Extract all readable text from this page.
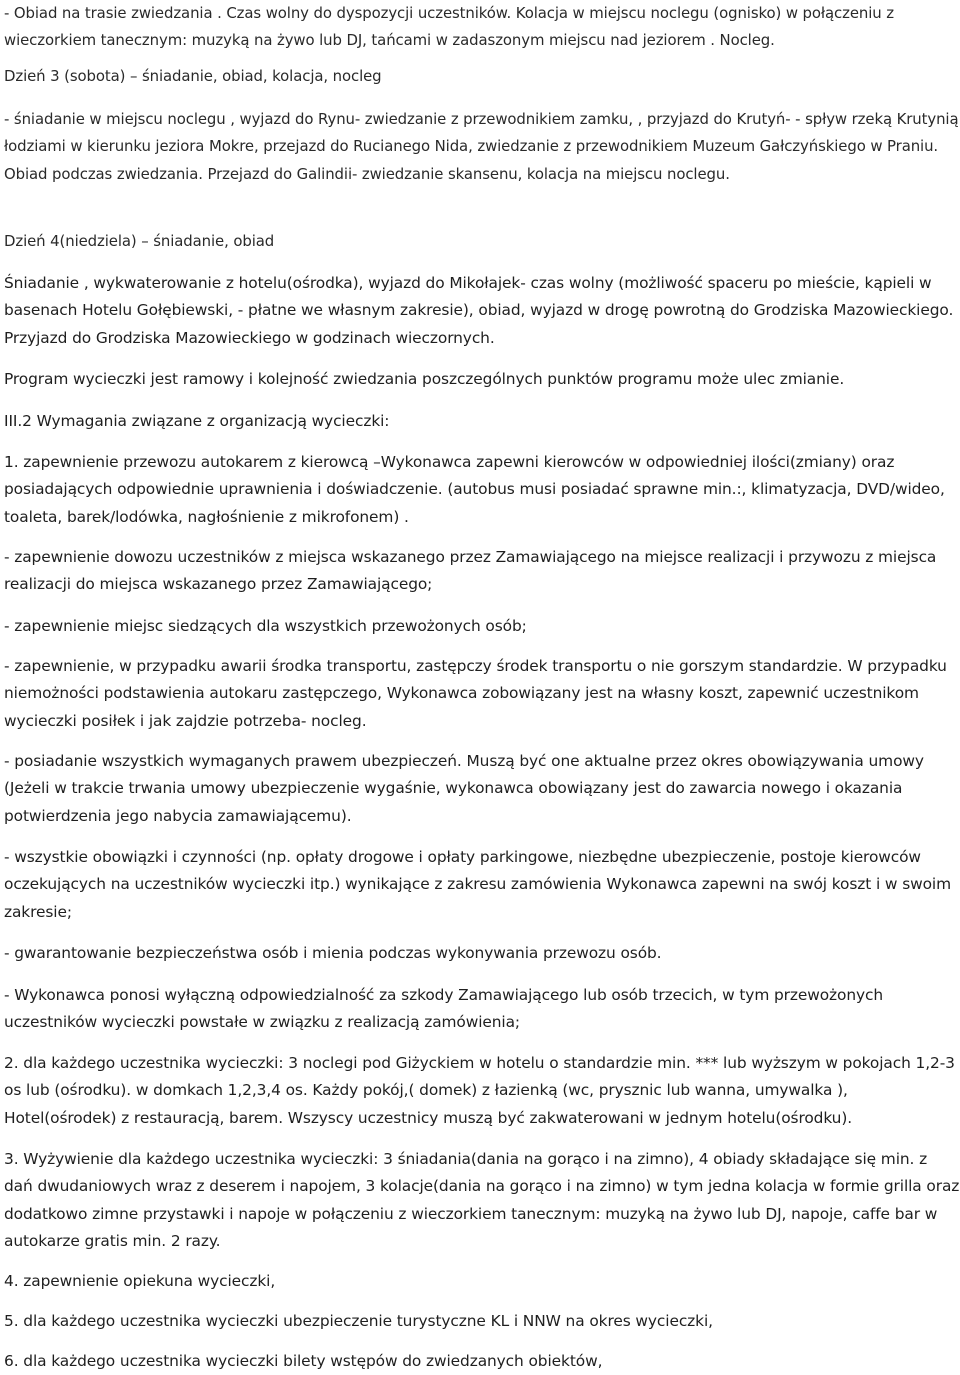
- Obiad na trasie zwiedzania . Czas wolny do dyspozycji uczestników. Kolacja w miejscu noclegu (ognisko) w połączeniu z wieczorkiem tanecznym: muzyką na żywo lub DJ, tańcami w zadaszonym miejscu nad jeziorem . Nocleg.

Dzień 3 (sobota) – śniadanie, obiad, kolacja, nocleg

- śniadanie w miejscu noclegu , wyjazd do Rynu- zwiedzanie z przewodnikiem zamku, , przyjazd do Krutyń- - spływ rzeką Krutynią łodziami w kierunku jeziora Mokre, przejazd do Rucianego Nida, zwiedzanie z przewodnikiem Muzeum Gałczyńskiego w Praniu. Obiad podczas zwiedzania. Przejazd do Galindii- zwiedzanie skansenu, kolacja na miejscu noclegu.

Dzień 4(niedziela) – śniadanie, obiad

Śniadanie , wykwaterowanie z hotelu(ośrodka), wyjazd do Mikołajek- czas wolny (możliwość spaceru po mieście, kąpieli w basenach Hotelu Gołębiewski, - płatne we własnym zakresie), obiad, wyjazd w drogę powrotną do Grodziska Mazowieckiego. Przyjazd do Grodziska Mazowieckiego w godzinach wieczornych.

Program wycieczki jest ramowy i kolejność zwiedzania poszczególnych punktów programu może ulec zmianie.

III.2 Wymagania związane z organizacją wycieczki:

1. zapewnienie przewozu autokarem z kierowcą –Wykonawca zapewni kierowców w odpowiedniej ilości(zmiany) oraz posiadających odpowiednie uprawnienia i doświadczenie. (autobus musi posiadać sprawne min.:, klimatyzacja, DVD/wideo, toaleta, barek/lodówka, nagłośnienie z mikrofonem) .

- zapewnienie dowozu uczestników z miejsca wskazanego przez Zamawiającego na miejsce realizacji i przywozu z miejsca realizacji do miejsca wskazanego przez Zamawiającego;

- zapewnienie miejsc siedzących dla wszystkich przewożonych osób;

- zapewnienie, w przypadku awarii środka transportu, zastępczy środek transportu o nie gorszym standardzie. W przypadku niemożności podstawienia autokaru zastępczego, Wykonawca zobowiązany jest na własny koszt, zapewnić uczestnikom wycieczki posiłek i jak zajdzie potrzeba- nocleg.

- posiadanie wszystkich wymaganych prawem ubezpieczeń. Muszą być one aktualne przez okres obowiązywania umowy (Jeżeli w trakcie trwania umowy ubezpieczenie wygaśnie, wykonawca obowiązany jest do zawarcia nowego i okazania potwierdzenia jego nabycia zamawiającemu).

- wszystkie obowiązki i czynności (np. opłaty drogowe i opłaty parkingowe, niezbędne ubezpieczenie, postoje kierowców oczekujących na uczestników wycieczki itp.) wynikające z zakresu zamówienia Wykonawca zapewni na swój koszt i w swoim zakresie;

- gwarantowanie bezpieczeństwa osób i mienia podczas wykonywania przewozu osób.

- Wykonawca ponosi wyłączną odpowiedzialność za szkody Zamawiającego lub osób trzecich, w tym przewożonych uczestników wycieczki powstałe w związku z realizacją zamówienia;

2. dla każdego uczestnika wycieczki: 3 noclegi pod Giżyckiem w hotelu o standardzie min. *** lub wyższym w pokojach 1,2-3 os lub (ośrodku). w domkach 1,2,3,4 os. Każdy pokój,( domek) z łazienką (wc, prysznic lub wanna, umywalka ), Hotel(ośrodek) z restauracją, barem. Wszyscy uczestnicy muszą być zakwaterowani w jednym hotelu(ośrodku).

3. Wyżywienie dla każdego uczestnika wycieczki: 3 śniadania(dania na gorąco i na zimno), 4 obiady składające się min. z dań dwudaniowych wraz z deserem i napojem, 3 kolacje(dania na gorąco i na zimno) w tym jedna kolacja w formie grilla oraz dodatkowo zimne przystawki i napoje w połączeniu z wieczorkiem tanecznym: muzyką na żywo lub DJ, napoje, caffe bar w autokarze gratis min. 2 razy.

4. zapewnienie opiekuna wycieczki,

5. dla każdego uczestnika wycieczki ubezpieczenie turystyczne KL i NNW na okres wycieczki,

6. dla każdego uczestnika wycieczki bilety wstępów do zwiedzanych obiektów,
